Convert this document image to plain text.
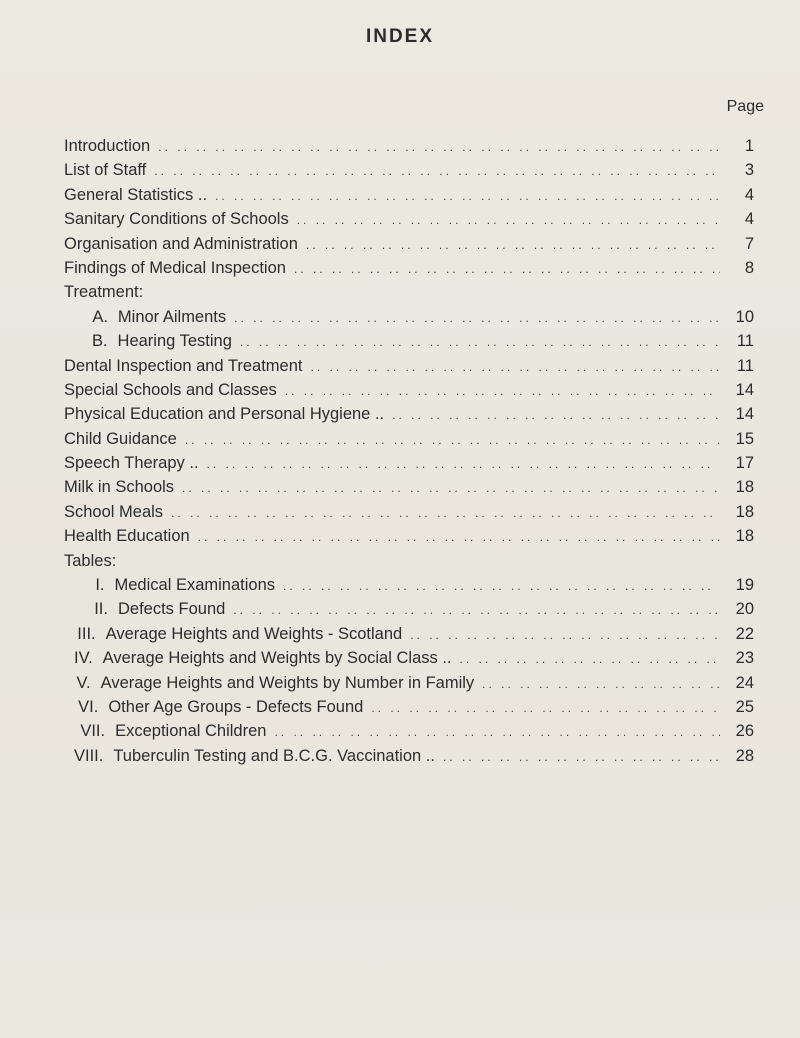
INDEX
Page
Introduction .. ..	1
List of Staff .. ..	3
General Statistics .. .. ..	4
Sanitary Conditions of Schools .. ..	4
Organisation and Administration .. ..	7
Findings of Medical Inspection .. ..	8
Treatment:
A. Minor Ailments .. ..	10
B. Hearing Testing .. ..	11
Dental Inspection and Treatment .. ..	11
Special Schools and Classes .. ..	14
Physical Education and Personal Hygiene .. .. ..	14
Child Guidance .. ..	15
Speech Therapy .. .. ..	17
Milk in Schools .. ..	18
School Meals .. ..	18
Health Education .. ..	18
Tables:
I. Medical Examinations .. ..	19
II. Defects Found .. ..	20
III. Average Heights and Weights - Scotland .. ..	22
IV. Average Heights and Weights by Social Class .. .. ..	23
V. Average Heights and Weights by Number in Family .. ..	24
VI. Other Age Groups - Defects Found .. ..	25
VII. Exceptional Children .. ..	26
VIII. Tuberculin Testing and B.C.G. Vaccination .. .. ..	28
